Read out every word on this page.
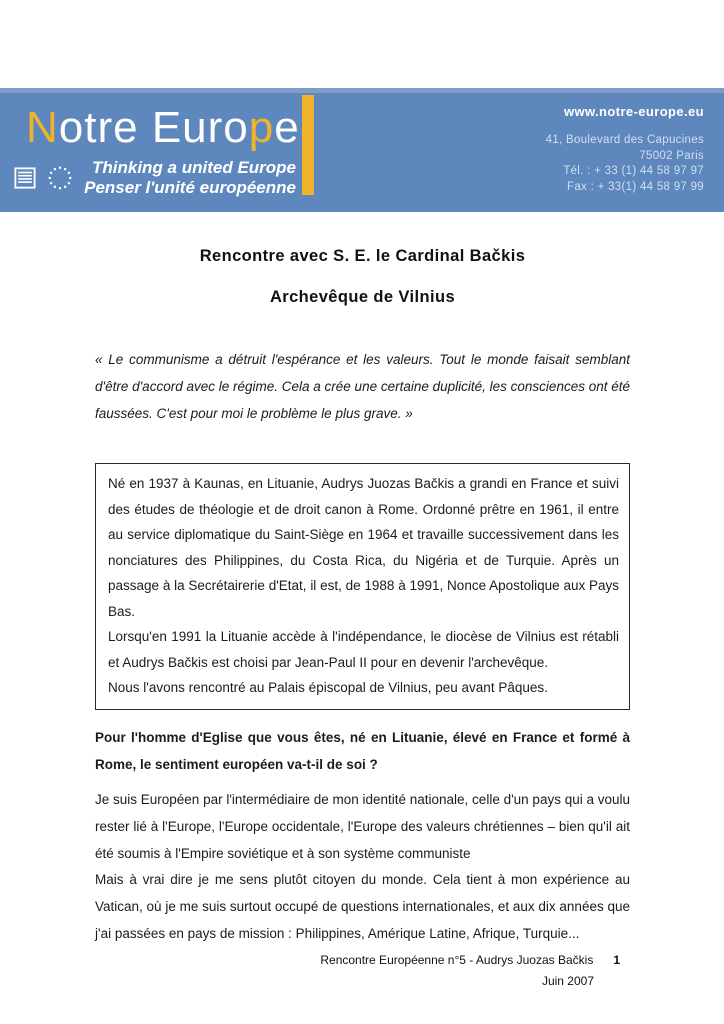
Notre Europe
Thinking a united Europe
Penser l'unité européenne
www.notre-europe.eu
41, Boulevard des Capucines
75002 Paris
Tél. : + 33 (1) 44 58 97 97
Fax : + 33(1) 44 58 97 99
Rencontre avec S. E. le Cardinal Bačkis
Archevêque de Vilnius

« Le communisme a détruit l'espérance et les valeurs. Tout le monde faisait semblant d'être d'accord avec le régime. Cela a crée une certaine duplicité, les consciences ont été faussées. C'est pour moi le problème le plus grave. »

Né en 1937 à Kaunas, en Lituanie, Audrys Juozas Bačkis a grandi en France et suivi des études de théologie et de droit canon à Rome. Ordonné prêtre en 1961, il entre au service diplomatique du Saint-Siège en 1964 et travaille successivement dans les nonciatures des Philippines, du Costa Rica, du Nigéria et de Turquie. Après un passage à la Secrétairerie d'Etat, il est, de 1988 à 1991, Nonce Apostolique aux Pays Bas.

Lorsqu'en 1991 la Lituanie accède à l'indépendance, le diocèse de Vilnius est rétabli et Audrys Bačkis est choisi par Jean-Paul II pour en devenir l'archevêque.

Nous l'avons rencontré au Palais épiscopal de Vilnius, peu avant Pâques.

Pour l'homme d'Eglise que vous êtes, né en Lituanie, élevé en France et formé à Rome, le sentiment européen va-t-il de soi ?

Je suis Européen par l'intermédiaire de mon identité nationale, celle d'un pays qui a voulu rester lié à l'Europe, l'Europe occidentale, l'Europe des valeurs chrétiennes – bien qu'il ait été soumis à l'Empire soviétique et à son système communiste

Mais à vrai dire je me sens plutôt citoyen du monde. Cela tient à mon expérience au Vatican, où je me suis surtout occupé de questions internationales, et aux dix années que j'ai passées en pays de mission : Philippines, Amérique Latine, Afrique, Turquie...

Rencontre Européenne n°5 - Audrys Juozas Bačkis 1
Juin 2007
